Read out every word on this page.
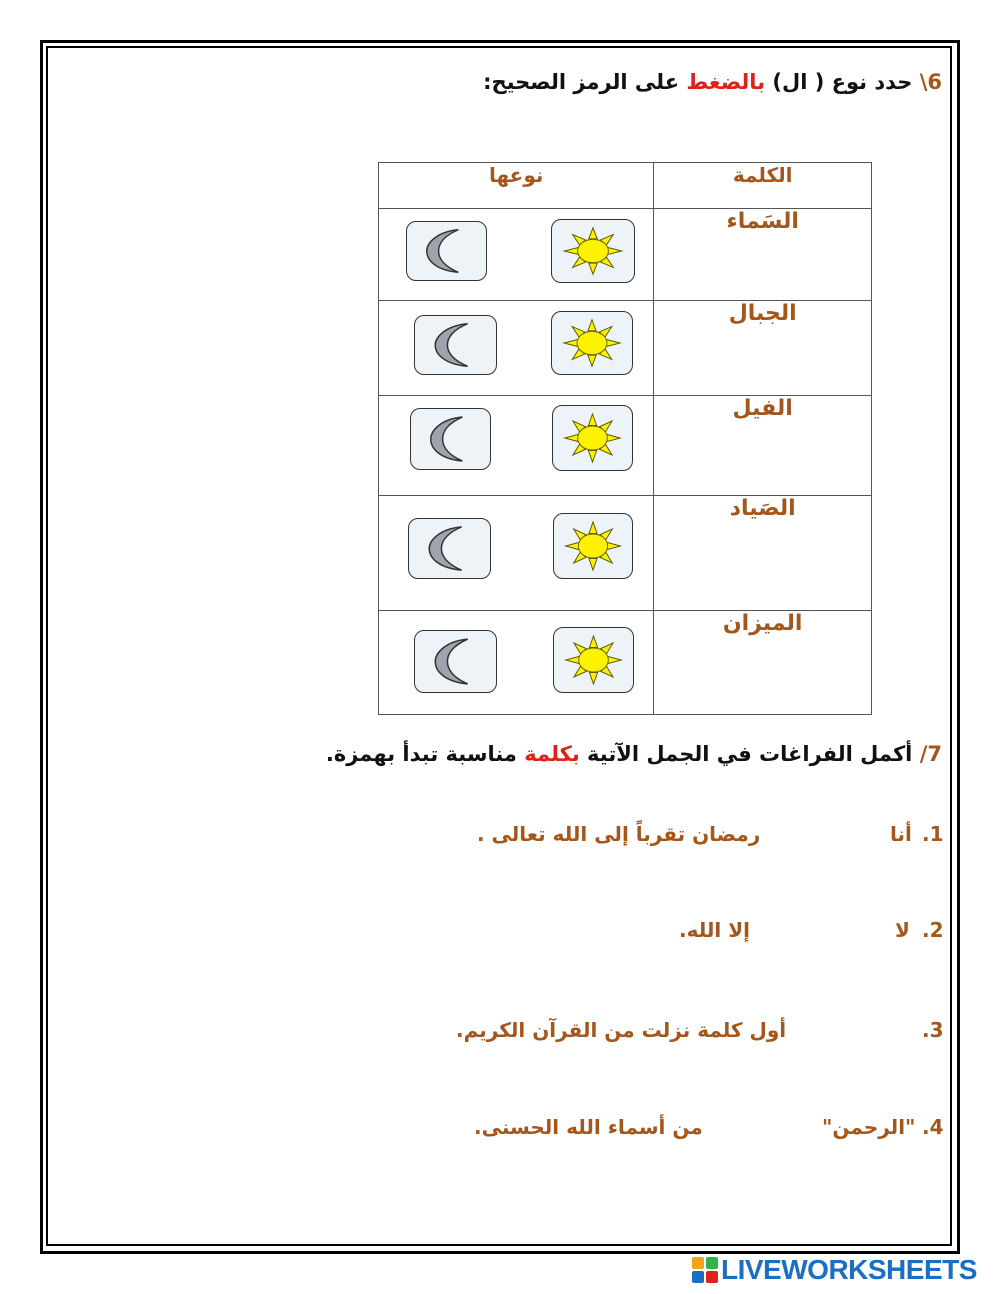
6\ حدد نوع ( ال) بالضغط على الرمز الصحيح:
نوعها	الكلمة

	السَماء

	الجبال

	الفيل

	الصَياد

	الميزان
7/ أكمل الفراغات في الجمل الآتية بكلمة مناسبة تبدأ بهمزة.
1.
أنا
رمضان تقرباً إلى الله تعالى .
2.
لا
إلا الله.
3.
أول كلمة نزلت من القرآن الكريم.
4.
"الرحمن"
من أسماء الله الحسنى.
LIVEWORKSHEETS
